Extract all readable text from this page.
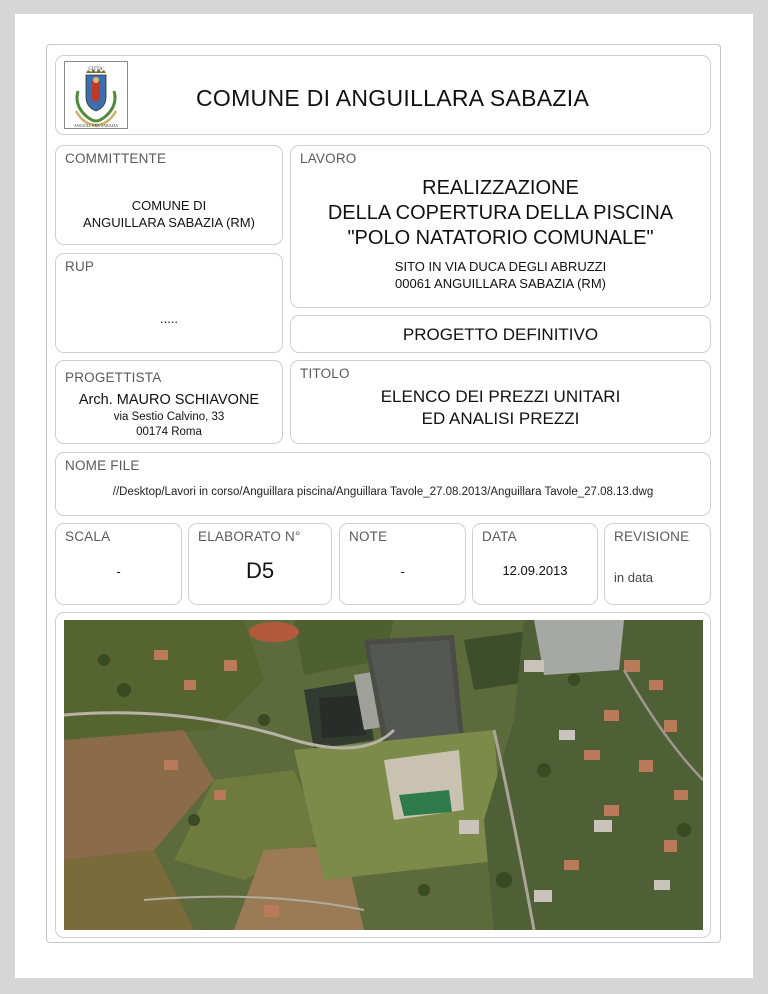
COMUNE DI ANGUILLARA SABAZIA
CITTA'
ANGUILLARA SABAZIA
COMMITTENTE
COMUNE DI
ANGUILLARA SABAZIA (RM)
RUP
.....
LAVORO
REALIZZAZIONE
DELLA COPERTURA DELLA PISCINA
"POLO NATATORIO COMUNALE"
SITO IN VIA DUCA DEGLI ABRUZZI
00061 ANGUILLARA SABAZIA (RM)
PROGETTO DEFINITIVO
PROGETTISTA
Arch. MAURO SCHIAVONE
via Sestio Calvino, 33
00174 Roma
TITOLO
ELENCO DEI PREZZI UNITARI
ED ANALISI PREZZI
NOME FILE
//Desktop/Lavori in corso/Anguillara piscina/Anguillara Tavole_27.08.2013/Anguillara Tavole_27.08.13.dwg
SCALA
-
ELABORATO N°
D5
NOTE
-
DATA
12.09.2013
REVISIONE
in data
